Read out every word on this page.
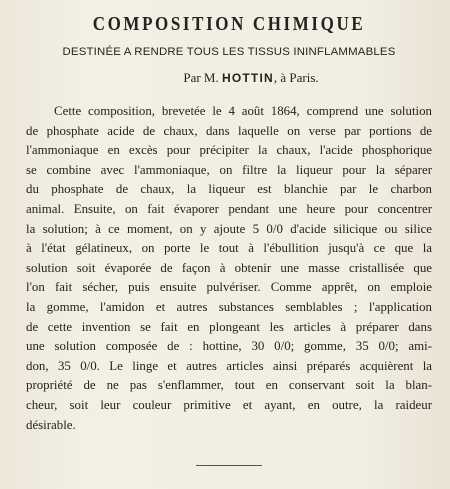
COMPOSITION CHIMIQUE
DESTINÉE A RENDRE TOUS LES TISSUS ININFLAMMABLES
Par M. HOTTIN, à Paris.
Cette composition, brevetée le 4 août 1864, comprend une solution
de phosphate acide de chaux, dans laquelle on verse par portions de
l'ammoniaque en excès pour précipiter la chaux, l'acide phosphorique
se combine avec l'ammoniaque, on filtre la liqueur pour la séparer
du phosphate de chaux, la liqueur est blanchie par le charbon
animal. Ensuite, on fait évaporer pendant une heure pour concentrer
la solution; à ce moment, on y ajoute 5 0/0 d'acide silicique ou silice
à l'état gélatineux, on porte le tout à l'ébullition jusqu'à ce que la
solution soit évaporée de façon à obtenir une masse cristallisée que
l'on fait sécher, puis ensuite pulvériser. Comme apprêt, on emploie
la gomme, l'amidon et autres substances semblables ; l'application
de cette invention se fait en plongeant les articles à préparer dans
une solution composée de : hottine, 30 0/0; gomme, 35 0/0; ami-
don, 35 0/0. Le linge et autres articles ainsi préparés acquièrent la
propriété de ne pas s'enflammer, tout en conservant soit la blan-
cheur, soit leur couleur primitive et ayant, en outre, la raideur
désirable.
